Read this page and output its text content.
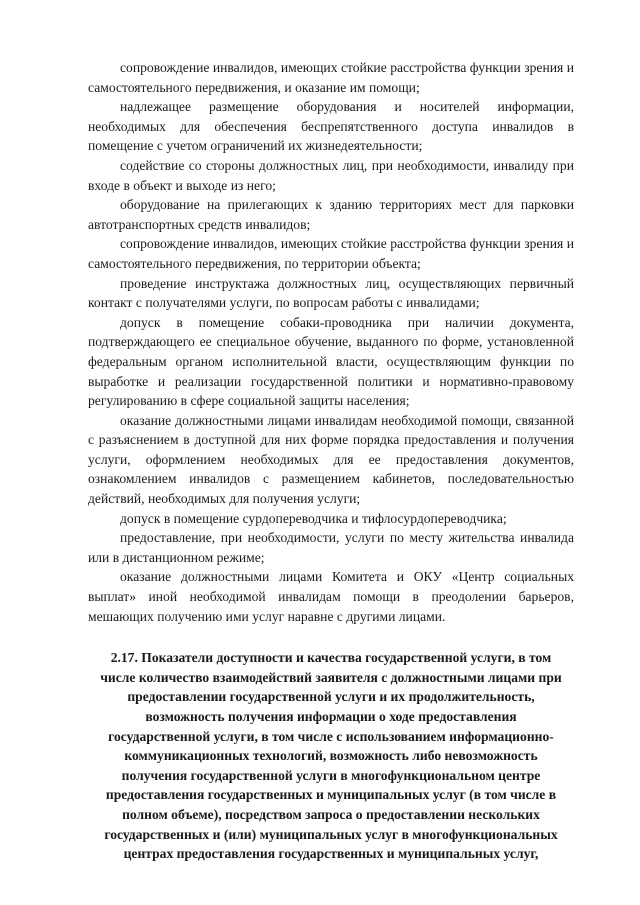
сопровождение инвалидов, имеющих стойкие расстройства функции зрения и самостоятельного передвижения, и оказание им помощи;

надлежащее размещение оборудования и носителей информации, необходимых для обеспечения беспрепятственного доступа инвалидов в помещение с учетом ограничений их жизнедеятельности;

содействие со стороны должностных лиц, при необходимости, инвалиду при входе в объект и выходе из него;

оборудование на прилегающих к зданию территориях мест для парковки автотранспортных средств инвалидов;

сопровождение инвалидов, имеющих стойкие расстройства функции зрения и самостоятельного передвижения, по территории объекта;

проведение инструктажа должностных лиц, осуществляющих первичный контакт с получателями услуги, по вопросам работы с инвалидами;

допуск в помещение собаки-проводника при наличии документа, подтверждающего ее специальное обучение, выданного по форме, установленной федеральным органом исполнительной власти, осуществляющим функции по выработке и реализации государственной политики и нормативно-правовому регулированию в сфере социальной защиты населения;

оказание должностными лицами инвалидам необходимой помощи, связанной с разъяснением в доступной для них форме порядка предоставления и получения услуги, оформлением необходимых для ее предоставления документов, ознакомлением инвалидов с размещением кабинетов, последовательностью действий, необходимых для получения услуги;

допуск в помещение сурдопереводчика и тифлосурдопереводчика;

предоставление, при необходимости, услуги по месту жительства инвалида или в дистанционном режиме;

оказание должностными лицами Комитета и ОКУ «Центр социальных выплат» иной необходимой инвалидам помощи в преодолении барьеров, мешающих получению ими услуг наравне с другими лицами.

2.17. Показатели доступности и качества государственной услуги, в том числе количество взаимодействий заявителя с должностными лицами при предоставлении государственной услуги и их продолжительность, возможность получения информации о ходе предоставления государственной услуги, в том числе с использованием информационно-коммуникационных технологий, возможность либо невозможность получения государственной услуги в многофункциональном центре предоставления государственных и муниципальных услуг (в том числе в полном объеме), посредством запроса о предоставлении нескольких государственных и (или) муниципальных услуг в многофункциональных центрах предоставления государственных и муниципальных услуг,
